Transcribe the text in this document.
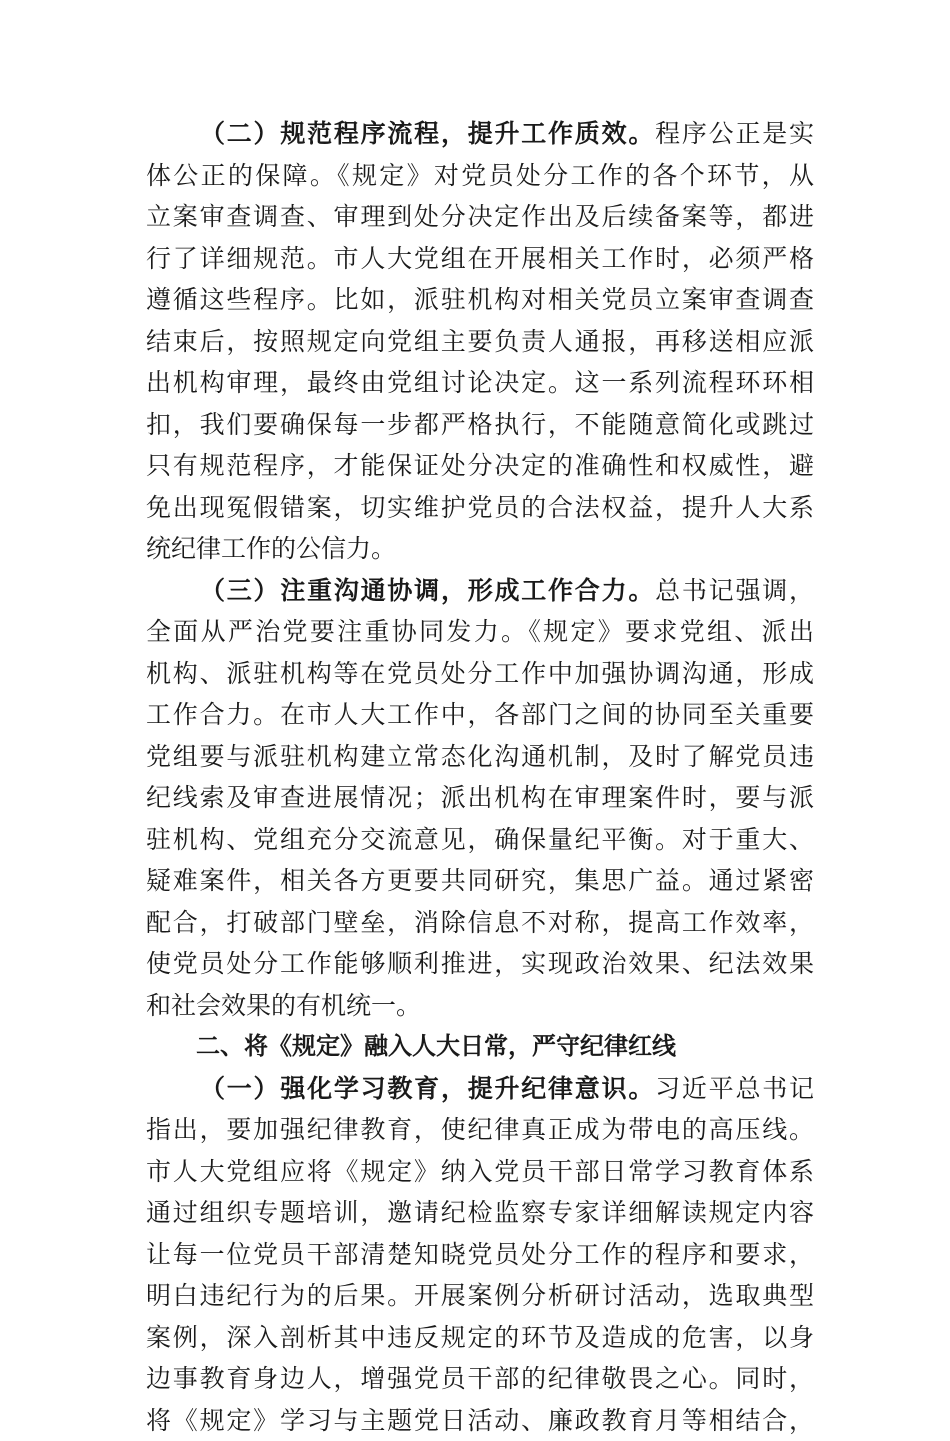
（二）规范程序流程，提升工作质效。程序公正是实
体公正的保障。《规定》对党员处分工作的各个环节，从
立案审查调查、审理到处分决定作出及后续备案等，都进
行了详细规范。市人大党组在开展相关工作时，必须严格
遵循这些程序。比如，派驻机构对相关党员立案审查调查
结束后，按照规定向党组主要负责人通报，再移送相应派
出机构审理，最终由党组讨论决定。这一系列流程环环相
扣，我们要确保每一步都严格执行，不能随意简化或跳过
只有规范程序，才能保证处分决定的准确性和权威性，避
免出现冤假错案，切实维护党员的合法权益，提升人大系
统纪律工作的公信力。
（三）注重沟通协调，形成工作合力。总书记强调，
全面从严治党要注重协同发力。《规定》要求党组、派出
机构、派驻机构等在党员处分工作中加强协调沟通，形成
工作合力。在市人大工作中，各部门之间的协同至关重要
党组要与派驻机构建立常态化沟通机制，及时了解党员违
纪线索及审查进展情况；派出机构在审理案件时，要与派
驻机构、党组充分交流意见，确保量纪平衡。对于重大、
疑难案件，相关各方更要共同研究，集思广益。通过紧密
配合，打破部门壁垒，消除信息不对称，提高工作效率，
使党员处分工作能够顺利推进，实现政治效果、纪法效果
和社会效果的有机统一。
二、将《规定》融入人大日常，严守纪律红线
（一）强化学习教育，提升纪律意识。习近平总书记
指出，要加强纪律教育，使纪律真正成为带电的高压线。
市人大党组应将《规定》纳入党员干部日常学习教育体系
通过组织专题培训，邀请纪检监察专家详细解读规定内容
让每一位党员干部清楚知晓党员处分工作的程序和要求，
明白违纪行为的后果。开展案例分析研讨活动，选取典型
案例，深入剖析其中违反规定的环节及造成的危害，以身
边事教育身边人，增强党员干部的纪律敬畏之心。同时，
将《规定》学习与主题党日活动、廉政教育月等相结合，
